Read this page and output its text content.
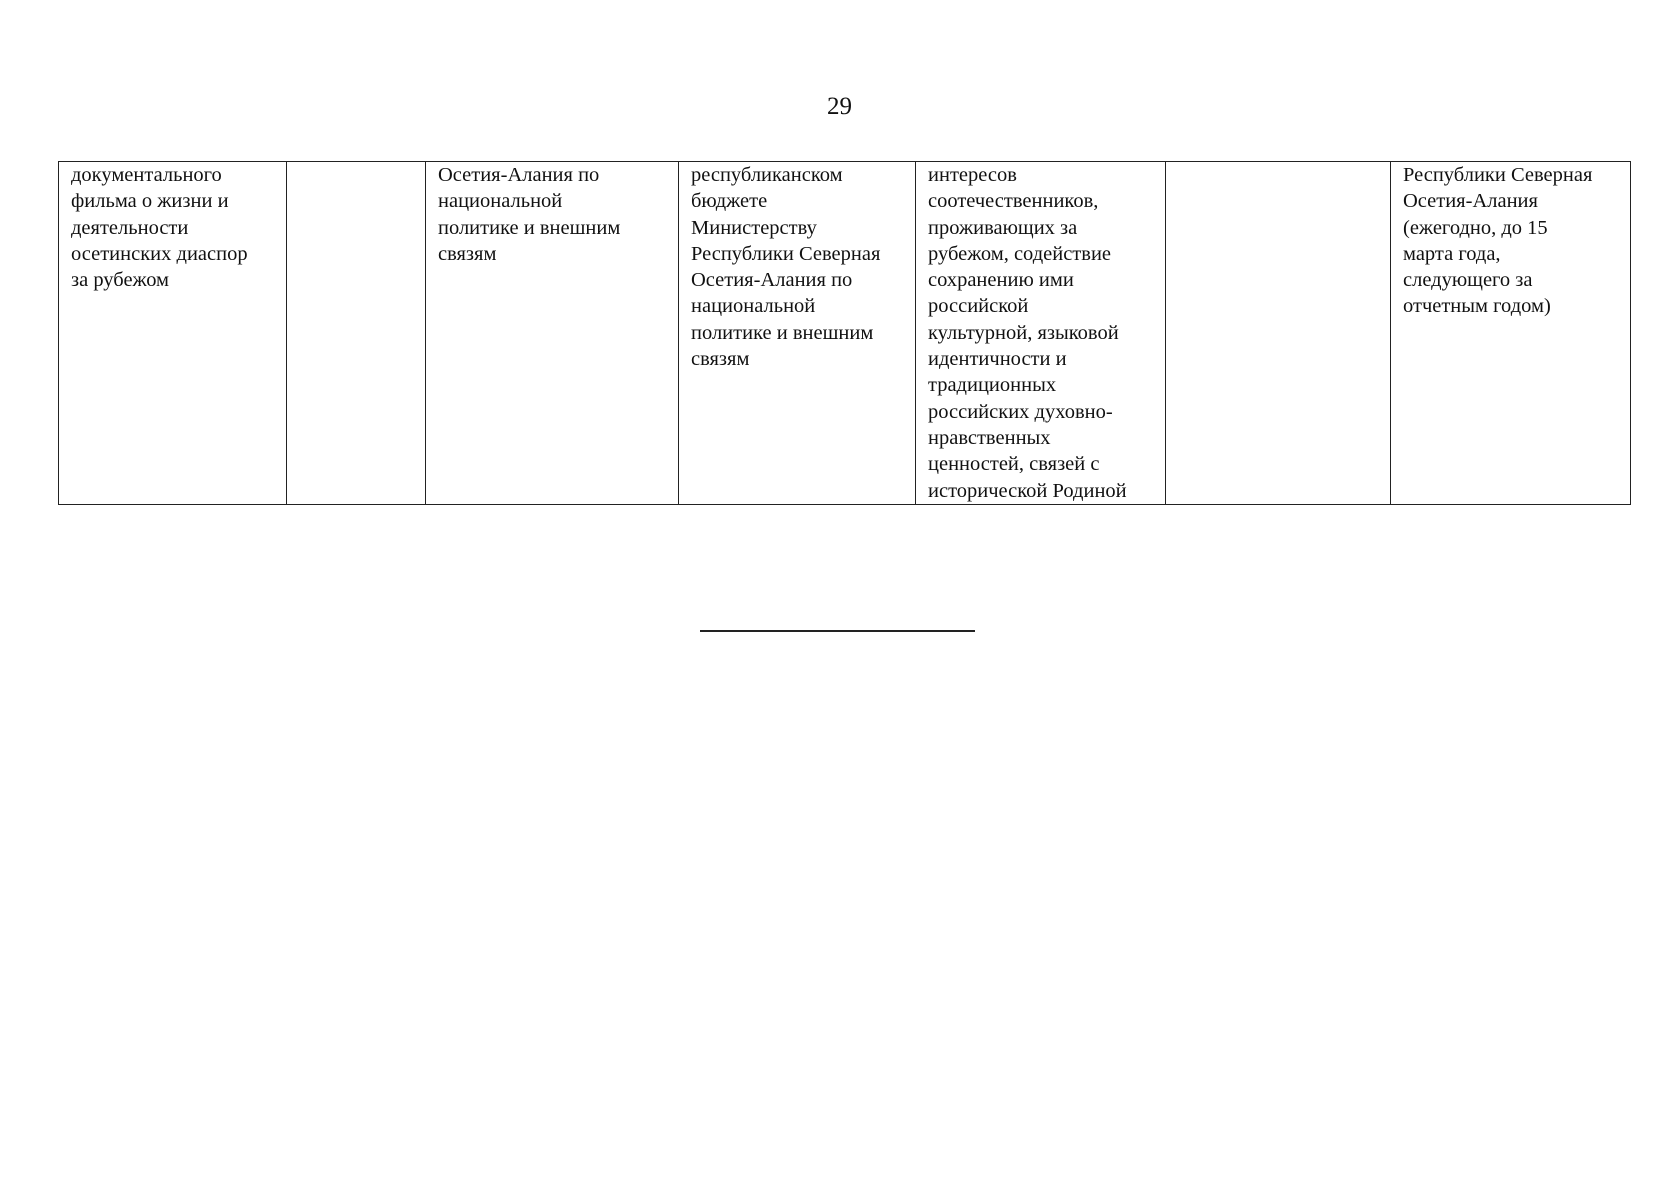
29
документального
фильма о жизни и
деятельности
осетинских диаспор
за рубежом		Осетия-Алания по
национальной
политике и внешним
связям	республиканском
бюджете
Министерству
Республики Северная
Осетия-Алания по
национальной
политике и внешним
связям	интересов
соотечественников,
проживающих за
рубежом, содействие
сохранению ими
российской
культурной, языковой
идентичности и
традиционных
российских духовно-
нравственных
ценностей, связей с
исторической Родиной		Республики Северная
Осетия-Алания
(ежегодно, до 15
марта года,
следующего за
отчетным годом)
